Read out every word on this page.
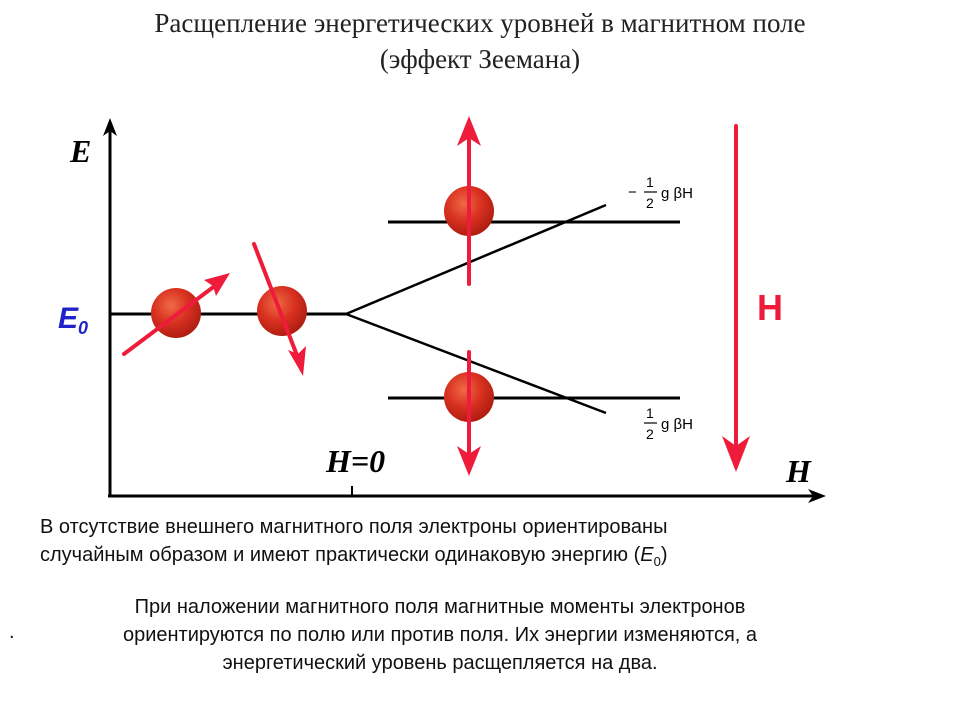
Расщепление энергетических уровней в магнитном поле
(эффект Зеемана)
E
H
H=0
$E_0$	H
−
1
2
g βH
1
2
g βH
В отсутствие внешнего магнитного поля электроны ориентированы
случайным образом и имеют практически одинаковую энергию $(E_0)$
.
При наложении магнитного поля магнитные моменты электронов
ориентируются по полю или против поля. Их энергии изменяются, а
энергетический уровень расщепляется на два.
